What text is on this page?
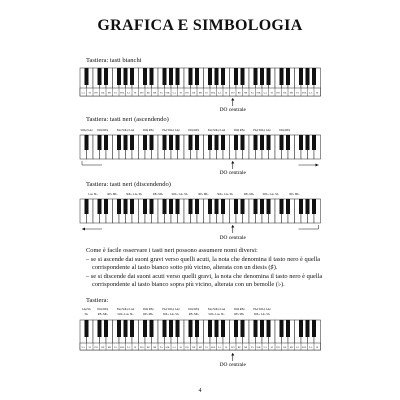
GRAFICA E SIMBOLOGIA
Tastiera: tasti bianchi
LA SI DO RE MI FA SOL LA SI DO RE MI FA SOL LA SI DO RE MI FA SOL LA SI DO RE MI FA SOL LA SI DO RE MI FA SOL LA SI
DO centrale
Tastiera: tasti neri (ascendendo)
SOL♯/LA♯ DO♯ RE♯	FA♯ SOL♯ LA♯	DO♯ RE♯	FA♯ SOL♯ LA♯	DO♯ RE♯	FA♯ SOL♯ LA♯	DO♯ RE♯	FA♯ SOL♯ LA♯	DO♯ RE♯
DO centrale
Tastiera: tasti neri (discendendo)
LA♭ SI♭	RE♭ MI♭	SOL♭ LA♭ SI♭	RE♭ MI♭	SOL♭ LA♭ SI♭	RE♭ MI♭	SOL♭ LA♭ SI♭	RE♭ MI♭	SOL♭ LA♭ SI♭	RE♭ MI♭
DO centrale

Come è facile osservare i tasti neri possono assumere nomi diversi:

– se si ascende dai suoni gravi verso quelli acuti, la nota che denomina il tasto nero è quella corrispondente al tasto bianco sotto più vicino, alterata con un diesis (♯).

– se si discende dai suoni acuti verso quelli gravi, la nota che denomina il tasto nero è quella corrispondente al tasto bianco sopra più vicino, alterata con un bemolle (♭).

Tastiera:
LA♯/SI♭ DO♯ RE♯	FA♯ SOL♯ LA♯	DO♯ RE♯	FA♯ SOL♯ LA♯	DO♯ RE♯	FA♯ SOL♯ LA♯	DO♯ RE♯	FA♯ SOL♯ LA♯
SI♭	RE♭ MI♭	SOL♭ LA♭ SI♭	RE♭ MI♭	SOL♭ LA♭ SI♭	RE♭ MI♭	SOL♭ LA♭ SI♭	RE♭ MI♭	SOL♭ LA♭ SI♭
LA SI DO RE MI FA SOL LA SI DO RE MI FA SOL LA SI DO RE MI FA SOL LA SI DO RE MI FA SOL LA SI DO RE MI FA SOL LA SI
DO centrale
4
